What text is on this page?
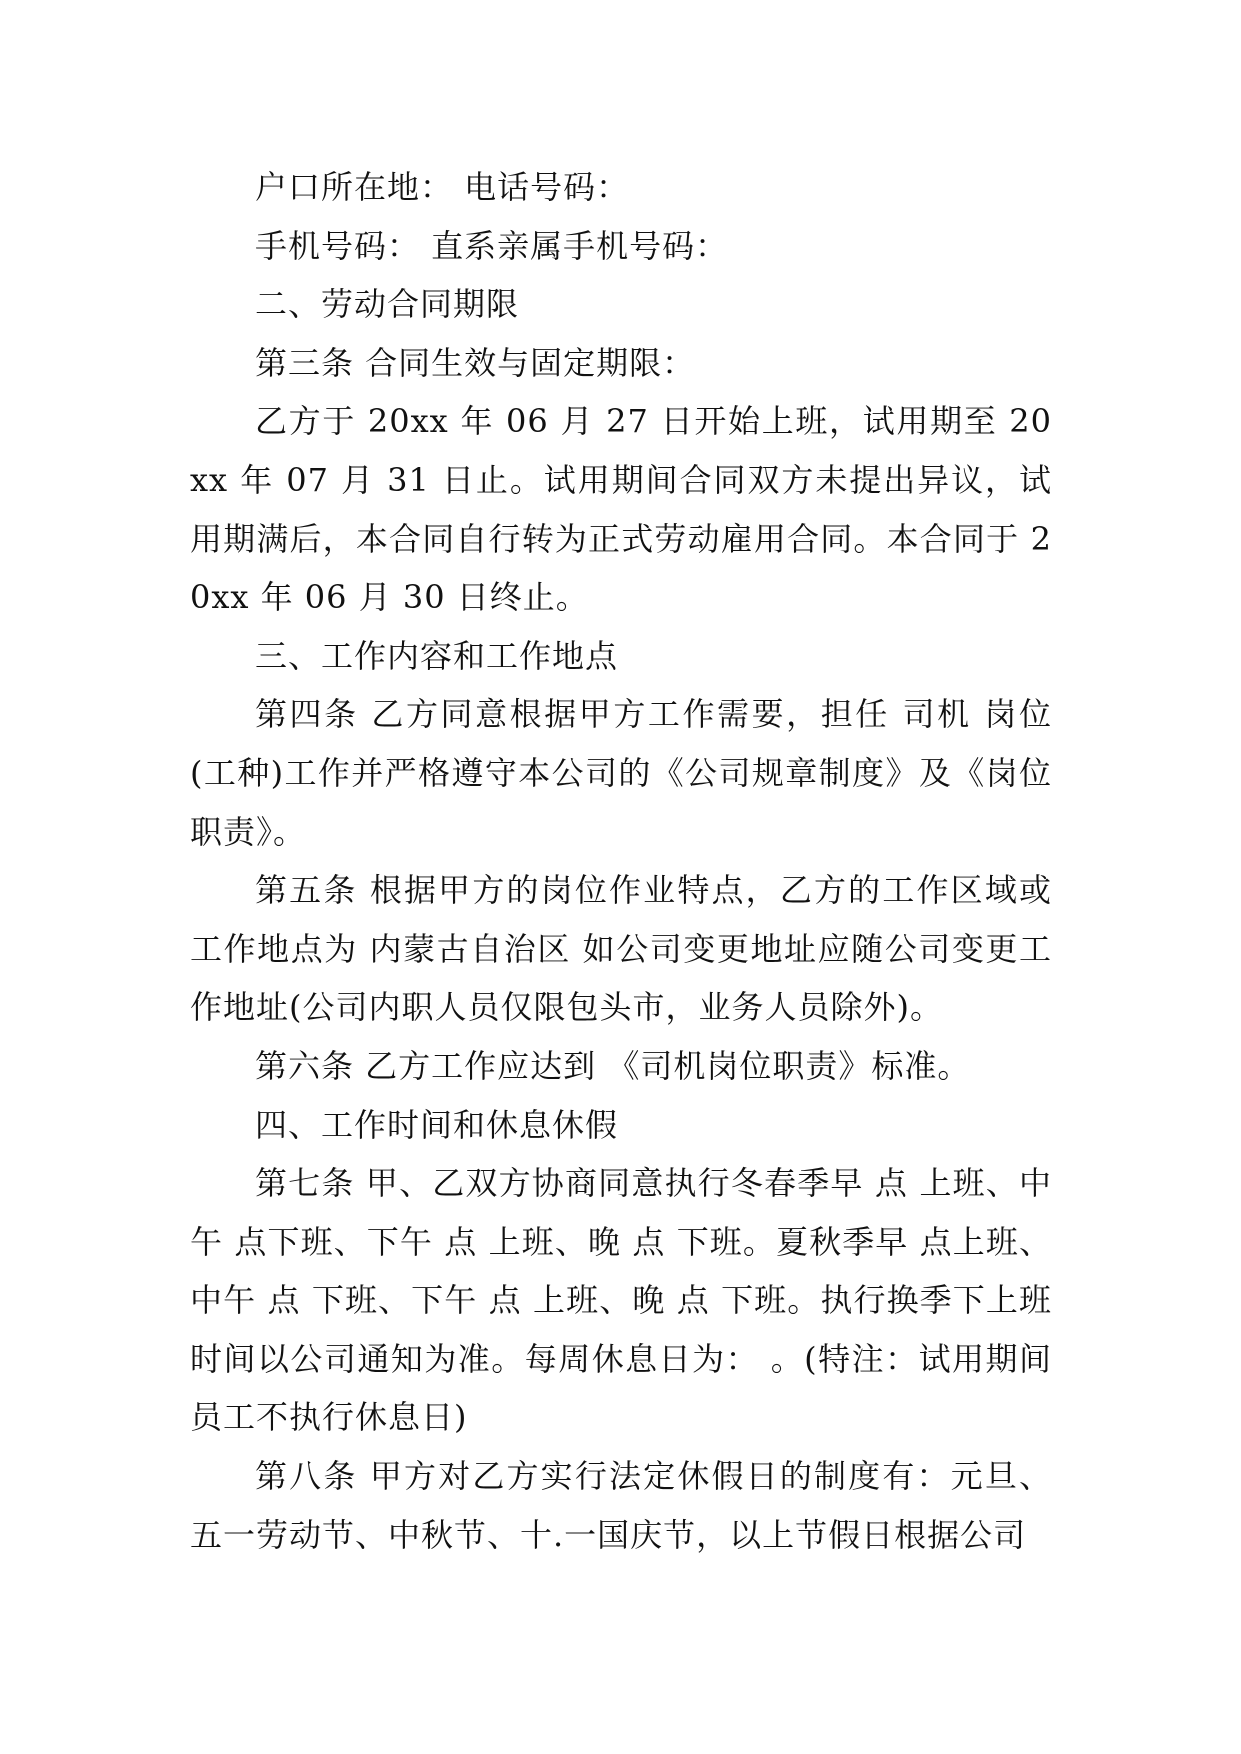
户口所在地： 电话号码：

手机号码： 直系亲属手机号码：

二、劳动合同期限

第三条 合同生效与固定期限：

乙方于 20xx 年 06 月 27 日开始上班，试用期至 20xx 年 07 月 31 日止。试用期间合同双方未提出异议，试用期满后，本合同自行转为正式劳动雇用合同。本合同于 20xx 年 06 月 30 日终止。

三、工作内容和工作地点

第四条 乙方同意根据甲方工作需要，担任 司机 岗位(工种)工作并严格遵守本公司的《公司规章制度》及《岗位职责》。

第五条 根据甲方的岗位作业特点，乙方的工作区域或工作地点为 内蒙古自治区 如公司变更地址应随公司变更工作地址(公司内职人员仅限包头市，业务人员除外)。

第六条 乙方工作应达到 《司机岗位职责》标准。

四、工作时间和休息休假

第七条 甲、乙双方协商同意执行冬春季早 点 上班、中午 点下班、下午 点 上班、晚 点 下班。夏秋季早 点上班、中午 点 下班、下午 点 上班、晚 点 下班。执行换季下上班时间以公司通知为准。每周休息日为： 。(特注：试用期间员工不执行休息日)

第八条 甲方对乙方实行法定休假日的制度有：元旦、五一劳动节、中秋节、十.一国庆节，以上节假日根据公司
